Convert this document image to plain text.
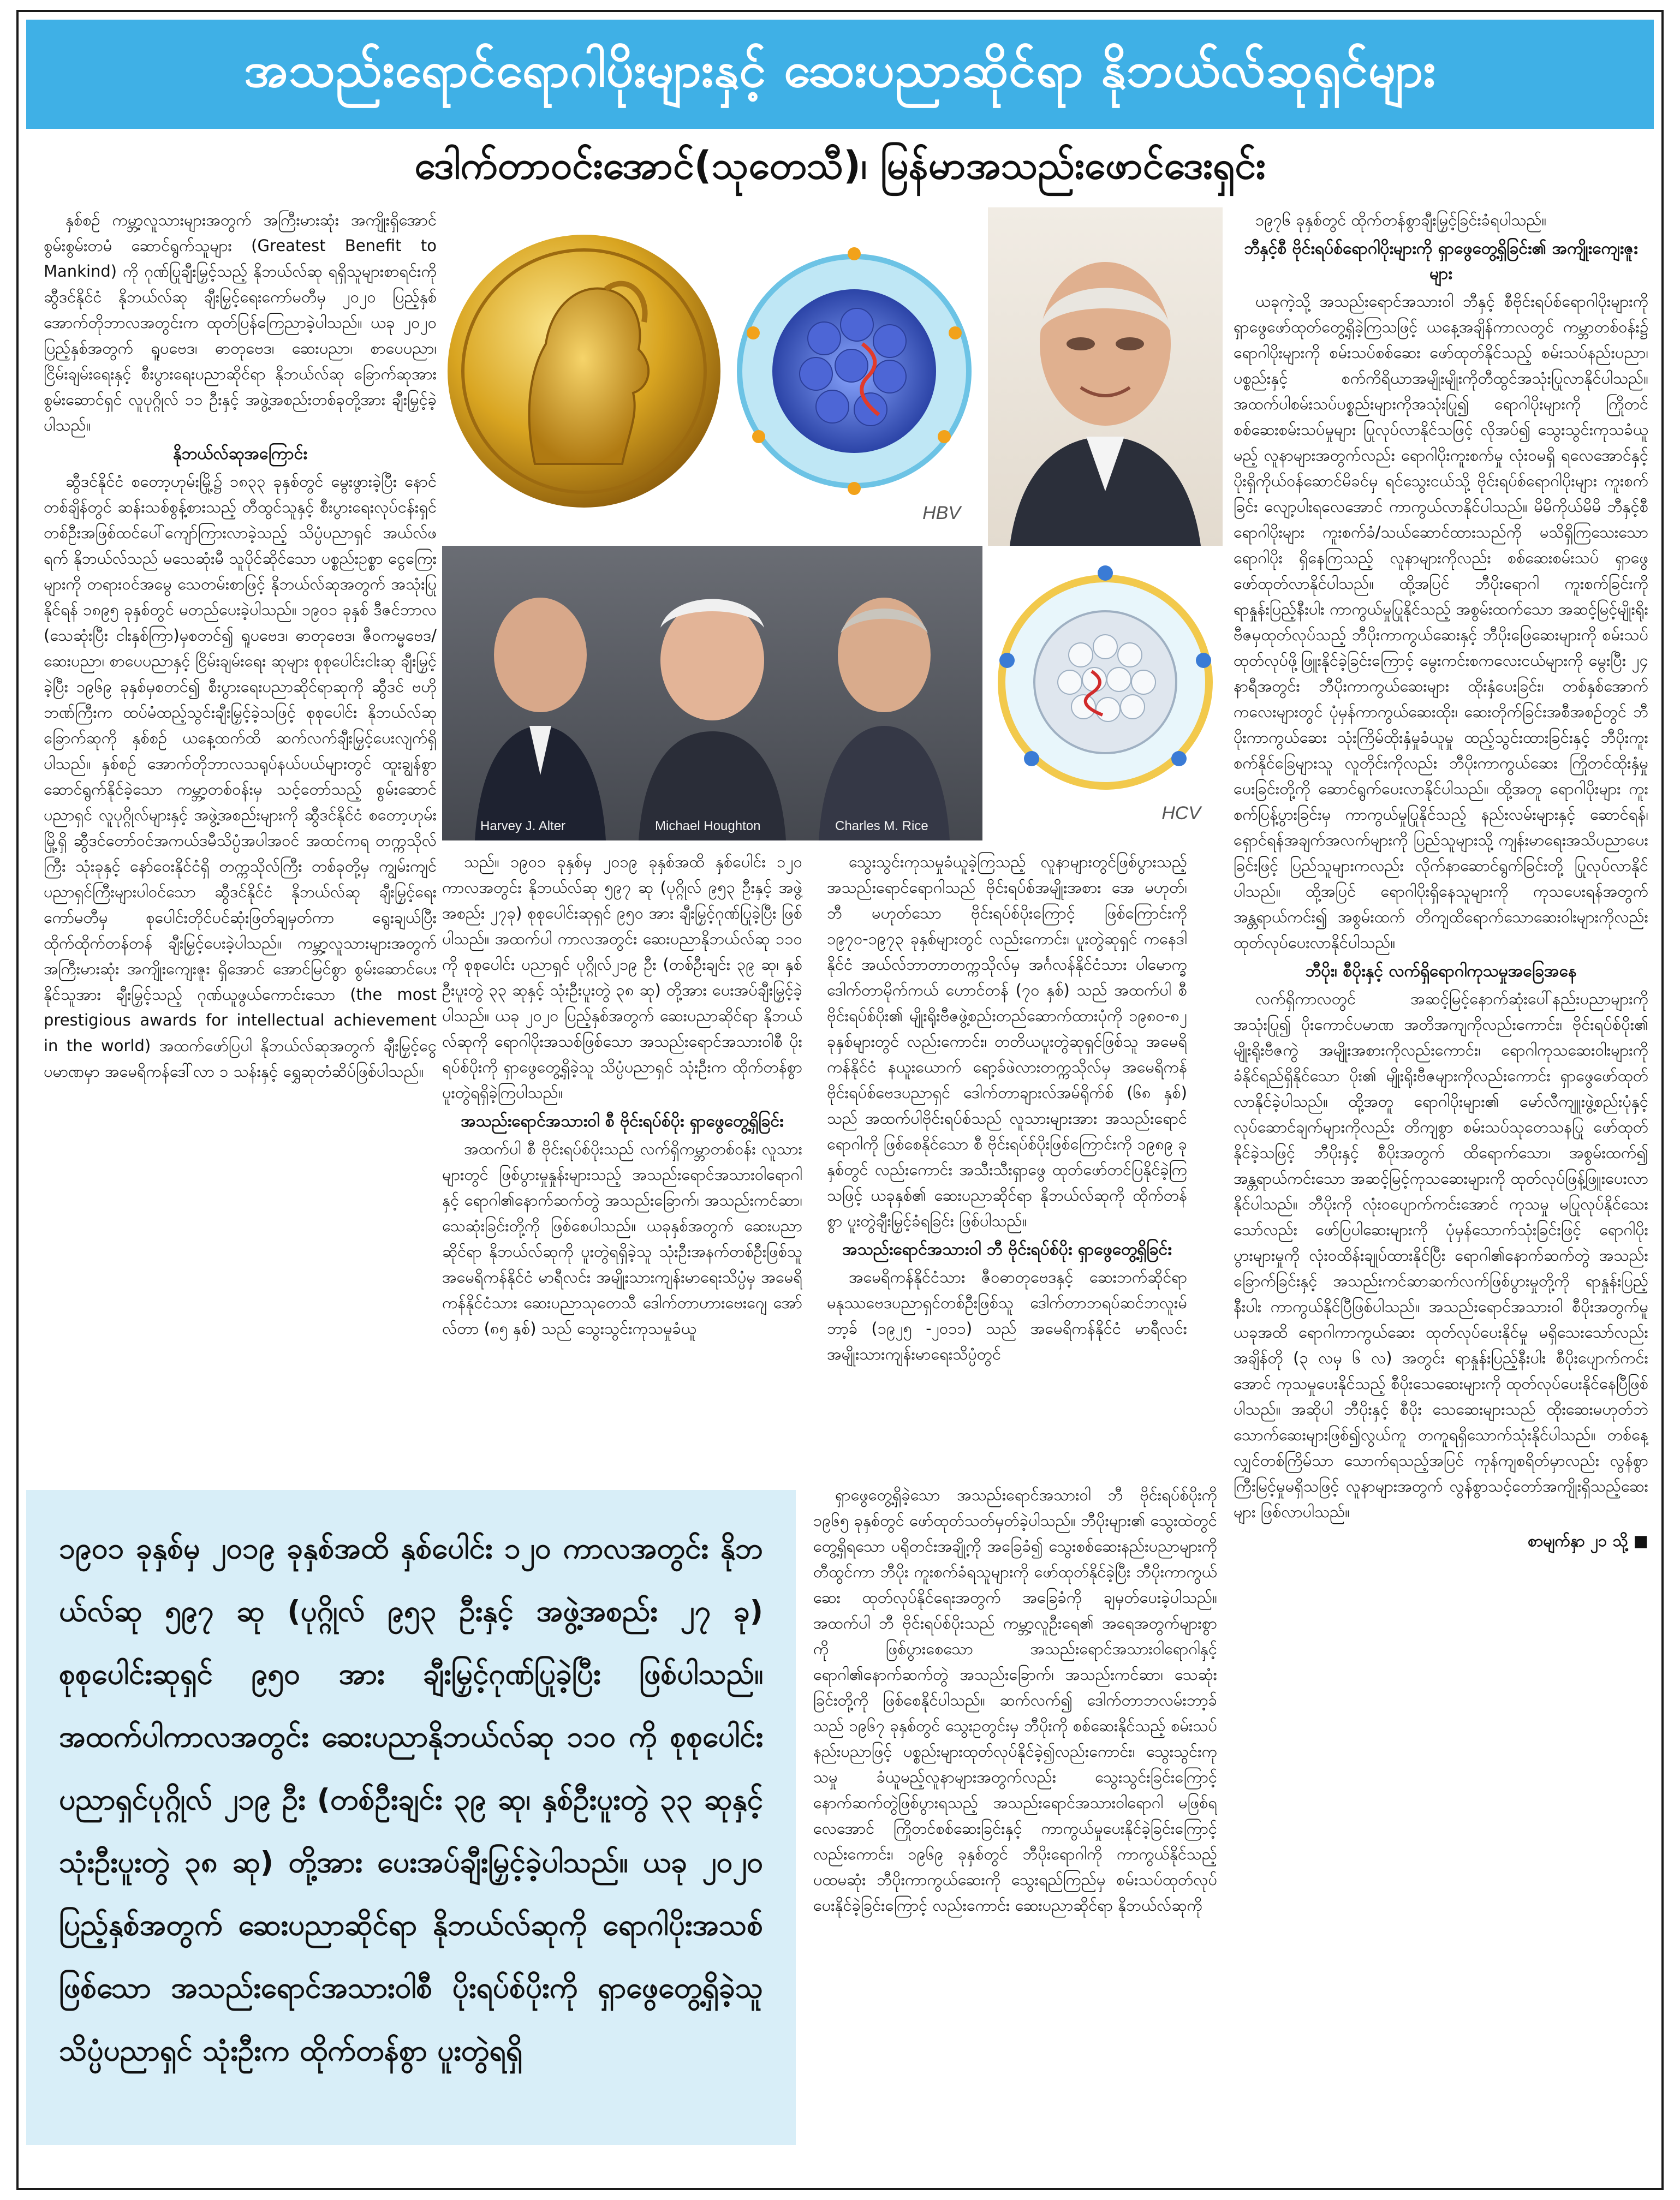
အသည်းရောင်ရောဂါပိုးများနှင့် ဆေးပညာဆိုင်ရာ နိုဘယ်လ်ဆုရှင်များ
ဒေါက်တာဝင်းအောင်(သုတေသီ)၊ မြန်မာအသည်းဖောင်ဒေးရှင်း

နှစ်စဉ် ကမ္ဘာ့လူသားများအတွက် အကြီးမားဆုံး အကျိုးရှိအောင် စွမ်းစွမ်းတမံ ဆောင်ရွက်သူများ (Greatest Benefit to Mankind) ကို ဂုဏ်ပြုချီးမြှင့်သည့် နိုဘယ်လ်ဆု ရရှိသူများစာရင်းကို ဆွီဒင်နိုင်ငံ နိုဘယ်လ်ဆု ချီးမြှင့်ရေးကော်မတီမှ ၂၀၂၀ ပြည့်နှစ် အောက်တိုဘာလအတွင်းက ထုတ်ပြန်ကြေညာခဲ့ပါသည်။ ယခု ၂၀၂၀ ပြည့်နှစ်အတွက် ရူပဗေဒ၊ ဓာတုဗေဒ၊ ဆေးပညာ၊ စာပေပညာ၊ ငြိမ်းချမ်းရေးနှင့် စီးပွားရေးပညာဆိုင်ရာ နိုဘယ်လ်ဆု ခြောက်ဆုအား စွမ်းဆောင်ရှင် လူပုဂ္ဂိုလ် ၁၁ ဦးနှင့် အဖွဲ့အစည်းတစ်ခုတို့အား ချီးမြှင့်ခဲ့ပါသည်။

နိုဘယ်လ်ဆုအကြောင်း

ဆွီဒင်နိုင်ငံ စတော့ဟုမ်းမြို့၌ ၁၈၃၃ ခုနှစ်တွင် မွေးဖွားခဲ့ပြီး နောင်တစ်ချိန်တွင် ဆန်းသစ်စွန့်စားသည့် တီထွင်သူနှင့် စီးပွားရေးလုပ်ငန်းရှင်တစ်ဦးအဖြစ်ထင်ပေါ်ကျော်ကြားလာခဲ့သည့် သိပ္ပံပညာရှင် အယ်လ်ဖရက် နိုဘယ်လ်သည် မသေဆုံးမီ သူပိုင်ဆိုင်သော ပစ္စည်းဥစ္စာ ငွေကြေးများကို တရားဝင်အမွေ သေတမ်းစာဖြင့် နိုဘယ်လ်ဆုအတွက် အသုံးပြုနိုင်ရန် ၁၈၉၅ ခုနှစ်တွင် မတည်ပေးခဲ့ပါသည်။ ၁၉၀၁ ခုနှစ် ဒီဇင်ဘာလ (သေဆုံးပြီး ငါးနှစ်ကြာ)မှစတင်၍ ရူပဗေဒ၊ ဓာတုဗေဒ၊ ဇီဝကမ္မဗေဒ/ဆေးပညာ၊ စာပေပညာနှင့် ငြိမ်းချမ်းရေး ဆုများ စုစုပေါင်းငါးဆု ချီးမြှင့်ခဲ့ပြီး ၁၉၆၉ ခုနှစ်မှစတင်၍ စီးပွားရေးပညာဆိုင်ရာဆုကို ဆွီဒင် ဗဟိုဘဏ်ကြီးက ထပ်မံထည့်သွင်းချီးမြှင့်ခဲ့သဖြင့် စုစုပေါင်း နိုဘယ်လ်ဆု ခြောက်ဆုကို နှစ်စဉ် ယနေ့ထက်ထိ ဆက်လက်ချီးမြှင့်ပေးလျက်ရှိပါသည်။ နှစ်စဉ် အောက်တိုဘာလသရုပ်နယ်ပယ်များတွင် ထူးချွန်စွာ ဆောင်ရွက်နိုင်ခဲ့သော ကမ္ဘာ့တစ်ဝန်းမှ သင့်တော်သည့် စွမ်းဆောင်ပညာရှင် လူပုဂ္ဂိုလ်များနှင့် အဖွဲ့အစည်းများကို ဆွီဒင်နိုင်ငံ စတော့ဟုမ်းမြို့ရှိ ဆွီဒင်တော်ဝင်အကယ်ဒမီသိပ္ပံအပါအဝင် အထင်ကရ တက္ကသိုလ်ကြီး သုံးခုနှင့် နော်ဝေးနိုင်ငံရှိ တက္ကသိုလ်ကြီး တစ်ခုတို့မှ ကျွမ်းကျင်ပညာရှင်ကြီးများပါဝင်သော ဆွီဒင်နိုင်ငံ နိုဘယ်လ်ဆု ချီးမြှင့်ရေးကော်မတီမှ စုပေါင်းတိုင်ပင်ဆုံးဖြတ်ချမှတ်ကာ ရွေးချယ်ပြီး ထိုက်ထိုက်တန်တန် ချီးမြှင့်ပေးခဲ့ပါသည်။ ကမ္ဘာ့လူသားများအတွက် အကြီးမားဆုံး အကျိုးကျေးဇူး ရှိအောင် အောင်မြင်စွာ စွမ်းဆောင်ပေးနိုင်သူအား ချီးမြှင့်သည့် ဂုဏ်ယူဖွယ်ကောင်းသော (the most prestigious awards for intellectual achievement in the world) အထက်ဖော်ပြပါ နိုဘယ်လ်ဆုအတွက် ချီးမြှင့်ငွေပမာဏမှာ အမေရိကန်ဒေါ်လာ ၁ သန်းနှင့် ရွှေဆုတံဆိပ်ဖြစ်ပါသည်။

HBV
Harvey J. Alter	Michael Houghton	Charles M. Rice
HCV

သည်။ ၁၉၀၁ ခုနှစ်မှ ၂၀၁၉ ခုနှစ်အထိ နှစ်ပေါင်း ၁၂၀ ကာလအတွင်း နိုဘယ်လ်ဆု ၅၉၇ ဆု (ပုဂ္ဂိုလ် ၉၅၃ ဦးနှင့် အဖွဲ့အစည်း ၂၇ခု) စုစုပေါင်းဆုရှင် ၉၅၀ အား ချီးမြှင့်ဂုဏ်ပြုခဲ့ပြီး ဖြစ်ပါသည်။ အထက်ပါ ကာလအတွင်း ဆေးပညာနိုဘယ်လ်ဆု ၁၁၀ ကို စုစုပေါင်း ပညာရှင် ပုဂ္ဂိုလ်၂၁၉ ဦး (တစ်ဦးချင်း ၃၉ ဆု၊ နှစ်ဦးပူးတွဲ ၃၃ ဆုနှင့် သုံးဦးပူးတွဲ ၃၈ ဆု) တို့အား ပေးအပ်ချီးမြှင့်ခဲ့ပါသည်။ ယခု ၂၀၂၀ ပြည့်နှစ်အတွက် ဆေးပညာဆိုင်ရာ နိုဘယ်လ်ဆုကို ရောဂါပိုးအသစ်ဖြစ်သော အသည်းရောင်အသားဝါစီ ပိုးရပ်စ်ပိုးကို ရှာဖွေတွေ့ရှိခဲ့သူ သိပ္ပံပညာရှင် သုံးဦးက ထိုက်တန်စွာ ပူးတွဲရရှိခဲ့ကြပါသည်။

အသည်းရောင်အသားဝါ စီ ဗိုင်းရပ်စ်ပိုး ရှာဖွေတွေ့ရှိခြင်း

အထက်ပါ စီ ဗိုင်းရပ်စ်ပိုးသည် လက်ရှိကမ္ဘာတစ်ဝန်း လူသားများတွင် ဖြစ်ပွားမှုနှုန်းများသည့် အသည်းရောင်အသားဝါရောဂါနှင့် ရောဂါ၏နောက်ဆက်တွဲ အသည်းခြောက်၊ အသည်းကင်ဆာ၊ သေဆုံးခြင်းတို့ကို ဖြစ်စေပါသည်။ ယခုနှစ်အတွက် ဆေးပညာဆိုင်ရာ နိုဘယ်လ်ဆုကို ပူးတွဲရရှိခဲ့သူ သုံးဦးအနက်တစ်ဦးဖြစ်သူ အမေရိကန်နိုင်ငံ မာရီလင်း အမျိုးသားကျန်းမာရေးသိပ္ပံမှ အမေရိကန်နိုင်ငံသား ဆေးပညာသုတေသီ ဒေါက်တာဟားဗေးဂျေ အော်လ်တာ (၈၅ နှစ်) သည် သွေးသွင်းကုသမှုခံယူ

သွေးသွင်းကုသမှုခံယူခဲ့ကြသည့် လူနာများတွင်ဖြစ်ပွားသည့် အသည်းရောင်ရောဂါသည် ဗိုင်းရပ်စ်အမျိုးအစား အေ မဟုတ်၊ ဘီ မဟုတ်သော ဗိုင်းရပ်စ်ပိုးကြောင့် ဖြစ်ကြောင်းကို ၁၉၇၀-၁၉၇၃ ခုနှစ်များတွင် လည်းကောင်း၊ ပူးတွဲဆုရှင် ကနေဒါနိုင်ငံ အယ်လ်ဘာတာတက္ကသိုလ်မှ အင်္ဂလန်နိုင်ငံသား ပါမောက္ခ ဒေါက်တာမိုက်ကယ် ဟောင်တန် (၇၀ နှစ်) သည် အထက်ပါ စီဗိုင်းရပ်စ်ပိုး၏ မျိုးရိုးဗီဇဖွဲ့စည်းတည်ဆောက်ထားပုံကို ၁၉၈၀-၈၂ ခုနှစ်များတွင် လည်းကောင်း၊ တတိယပူးတွဲဆုရှင်ဖြစ်သူ အမေရိကန်နိုင်ငံ နယူးယောက် ရော့ခ်ဖဲလားတက္ကသိုလ်မှ အမေရိကန် ဗိုင်းရပ်စ်ဗေဒပညာရှင် ဒေါက်တာချားလ်အမ်ရိုက်စ် (၆၈ နှစ်) သည် အထက်ပါဗိုင်းရပ်စ်သည် လူသားများအား အသည်းရောင်ရောဂါကို ဖြစ်စေနိုင်သော စီ ဗိုင်းရပ်စ်ပိုးဖြစ်ကြောင်းကို ၁၉၈၉ ခုနှစ်တွင် လည်းကောင်း အသီးသီးရှာဖွေ ထုတ်ဖော်တင်ပြနိုင်ခဲ့ကြသဖြင့် ယခုနှစ်၏ ဆေးပညာဆိုင်ရာ နိုဘယ်လ်ဆုကို ထိုက်တန်စွာ ပူးတွဲချီးမြှင့်ခံရခြင်း ဖြစ်ပါသည်။

အသည်းရောင်အသားဝါ ဘီ ဗိုင်းရပ်စ်ပိုး ရှာဖွေတွေ့ရှိခြင်း

အမေရိကန်နိုင်ငံသား ဇီဝဓာတုဗေဒနှင့် ဆေးဘက်ဆိုင်ရာ မနုဿဗေဒပညာရှင်တစ်ဦးဖြစ်သူ ဒေါက်တာဘရပ်ဆင်ဘလူးမ်ဘာ့ခ် (၁၉၂၅ -၂၀၁၁) သည် အမေရိကန်နိုင်ငံ မာရီလင်း အမျိုးသားကျန်းမာရေးသိပ္ပံတွင်

၁၉၇၆ ခုနှစ်တွင် ထိုက်တန်စွာချီးမြှင့်ခြင်းခံရပါသည်။

ဘီနှင့်စီ ဗိုင်းရပ်စ်ရောဂါပိုးများကို ရှာဖွေတွေ့ရှိခြင်း၏ အကျိုးကျေးဇူးများ

ယခုကဲ့သို့ အသည်းရောင်အသားဝါ ဘီနှင့် စီဗိုင်းရပ်စ်ရောဂါပိုးများကို ရှာဖွေဖော်ထုတ်တွေ့ရှိခဲ့ကြသဖြင့် ယနေ့အချိန်ကာလတွင် ကမ္ဘာတစ်ဝန်း၌ ရောဂါပိုးများကို စမ်းသပ်စစ်ဆေး ဖော်ထုတ်နိုင်သည့် စမ်းသပ်နည်းပညာ၊ ပစ္စည်းနှင့် စက်ကိရိယာအမျိုးမျိုးကိုတီထွင်အသုံးပြုလာနိုင်ပါသည်။ အထက်ပါစမ်းသပ်ပစ္စည်းများကိုအသုံးပြု၍ ရောဂါပိုးများကို ကြိုတင်စစ်ဆေးစမ်းသပ်မှုများ ပြုလုပ်လာနိုင်သဖြင့် လိုအပ်၍ သွေးသွင်းကုသခံယူမည့် လူနာများအတွက်လည်း ရောဂါပိုးကူးစက်မှု လုံးဝမရှိ ရလေအောင်နှင့် ပိုးရှိကိုယ်ဝန်ဆောင်မိခင်မှ ရင်သွေးငယ်သို့ ဗိုင်းရပ်စ်ရောဂါပိုးများ ကူးစက်ခြင်း လျော့ပါးရလေအောင် ကာကွယ်လာနိုင်ပါသည်။ မိမိကိုယ်မိမိ ဘီနှင့်စီ ရောဂါပိုးများ ကူးစက်ခံ/သယ်ဆောင်ထားသည်ကို မသိရှိကြသေးသော ရောဂါပိုး ရှိနေကြသည့် လူနာများကိုလည်း စစ်ဆေးစမ်းသပ် ရှာဖွေဖော်ထုတ်လာနိုင်ပါသည်။ ထို့အပြင် ဘီပိုးရောဂါ ကူးစက်ခြင်းကို ရာနှုန်းပြည့်နီးပါး ကာကွယ်မှုပြုနိုင်သည့် အစွမ်းထက်သော အဆင့်မြင့်မျိုးရိုးဗီဇမှထုတ်လုပ်သည့် ဘီပိုးကာကွယ်ဆေးနှင့် ဘီပိုးဖြေဆေးများကို စမ်းသပ်ထုတ်လုပ်ဖို့ဖြူးနိုင်ခဲ့ခြင်းကြောင့် မွေးကင်းစကလေးငယ်များကို မွေးပြီး ၂၄ နာရီအတွင်း ဘီပိုးကာကွယ်ဆေးများ ထိုးနှံပေးခြင်း၊ တစ်နှစ်အောက်ကလေးများတွင် ပုံမှန်ကာကွယ်ဆေးထိုး၊ ဆေးတိုက်ခြင်းအစီအစဉ်တွင် ဘီပိုးကာကွယ်ဆေး သုံးကြိမ်ထိုးနှံမှုခံယူမှု ထည့်သွင်းထားခြင်းနှင့် ဘီပိုးကူးစက်နိုင်ခြေများသူ လူတိုင်းကိုလည်း ဘီပိုးကာကွယ်ဆေး ကြိုတင်ထိုးနှံမှုပေးခြင်းတို့ကို ဆောင်ရွက်ပေးလာနိုင်ပါသည်။ ထို့အတူ ရောဂါပိုးများ ကူးစက်ပြန့်ပွားခြင်းမှ ကာကွယ်မှုပြုနိုင်သည့် နည်းလမ်းများနှင့် ဆောင်ရန်၊ ရှောင်ရန်အချက်အလက်များကို ပြည်သူများသို့ ကျန်းမာရေးအသိပညာပေးခြင်းဖြင့် ပြည်သူများကလည်း လိုက်နာဆောင်ရွက်ခြင်းတို့ ပြုလုပ်လာနိုင်ပါသည်။ ထို့အပြင် ရောဂါပိုးရှိနေသူများကို ကုသပေးရန်အတွက် အန္တရာယ်ကင်း၍ အစွမ်းထက် တိကျထိရောက်သောဆေးဝါးများကိုလည်းထုတ်လုပ်ပေးလာနိုင်ပါသည်။

ဘီပိုး၊ စီပိုးနှင့် လက်ရှိရောဂါကုသမှုအခြေအနေ

လက်ရှိကာလတွင် အဆင့်မြင့်နောက်ဆုံးပေါ်နည်းပညာများကို အသုံးပြု၍ ပိုးကောင်ပမာဏ အတိအကျကိုလည်းကောင်း၊ ဗိုင်းရပ်စ်ပိုး၏ မျိုးရိုးဗီဇကွဲ အမျိုးအစားကိုလည်းကောင်း၊ ရောဂါကုသဆေးဝါးများကို ခံနိုင်ရည်ရှိနိုင်သော ပိုး၏ မျိုးရိုးဗီဇများကိုလည်းကောင်း ရှာဖွေဖော်ထုတ်လာနိုင်ခဲ့ပါသည်။ ထို့အတူ ရောဂါပိုးများ၏ မော်လီကျူးဖွဲ့စည်းပုံနှင့် လုပ်ဆောင်ချက်များကိုလည်း တိကျစွာ စမ်းသပ်သုတေသနပြု ဖော်ထုတ်နိုင်ခဲ့သဖြင့် ဘီပိုးနှင့် စီပိုးအတွက် ထိရောက်သော၊ အစွမ်းထက်၍ အန္တရာယ်ကင်းသော အဆင့်မြင့်ကုသဆေးများကို ထုတ်လုပ်ဖြန့်ဖြူးပေးလာနိုင်ပါသည်။ ဘီပိုးကို လုံးဝပျောက်ကင်းအောင် ကုသမှု မပြုလုပ်နိုင်သေးသော်လည်း ဖော်ပြပါဆေးများကို ပုံမှန်သောက်သုံးခြင်းဖြင့် ရောဂါပိုး ပွားများမှုကို လုံးဝထိန်းချုပ်ထားနိုင်ပြီး ရောဂါ၏နောက်ဆက်တွဲ အသည်းခြောက်ခြင်းနှင့် အသည်းကင်ဆာဆက်လက်ဖြစ်ပွားမှုတို့ကို ရာနှုန်းပြည့်နီးပါး ကာကွယ်နိုင်ပြီဖြစ်ပါသည်။ အသည်းရောင်အသားဝါ စီပိုးအတွက်မူ ယခုအထိ ရောဂါကာကွယ်ဆေး ထုတ်လုပ်ပေးနိုင်မှု မရှိသေးသော်လည်း အချိန်တို (၃ လမှ ၆ လ) အတွင်း ရာနှုန်းပြည့်နီးပါး စီပိုးပျောက်ကင်းအောင် ကုသမှုပေးနိုင်သည့် စီပိုးသေဆေးများကို ထုတ်လုပ်ပေးနိုင်နေပြီဖြစ်ပါသည်။ အဆိုပါ ဘီပိုးနှင့် စီပိုး သေဆေးများသည် ထိုးဆေးမဟုတ်ဘဲ သောက်ဆေးများဖြစ်၍လွယ်ကူ တကူရရှိသောက်သုံးနိုင်ပါသည်။ တစ်နေ့လျှင်တစ်ကြိမ်သာ သောက်ရသည့်အပြင် ကုန်ကျစရိတ်မှာလည်း လွန်စွာကြီးမြင့်မှုမရှိသဖြင့် လူနာများအတွက် လွန်စွာသင့်တော်အကျိုးရှိသည့်ဆေးများ ဖြစ်လာပါသည်။

စာမျက်နှာ ၂၁ သို့ ■

၁၉၀၁ ခုနှစ်မှ ၂၀၁၉ ခုနှစ်အထိ နှစ်ပေါင်း ၁၂၀ ကာလအတွင်း နိုဘယ်လ်ဆု ၅၉၇ ဆု (ပုဂ္ဂိုလ် ၉၅၃ ဦးနှင့် အဖွဲ့အစည်း ၂၇ ခု) စုစုပေါင်းဆုရှင် ၉၅၀ အား ချီးမြှင့်ဂုဏ်ပြုခဲ့ပြီး ဖြစ်ပါသည်။ အထက်ပါကာလအတွင်း ဆေးပညာနိုဘယ်လ်ဆု ၁၁၀ ကို စုစုပေါင်း ပညာရှင်ပုဂ္ဂိုလ် ၂၁၉ ဦး (တစ်ဦးချင်း ၃၉ ဆု၊ နှစ်ဦးပူးတွဲ ၃၃ ဆုနှင့် သုံးဦးပူးတွဲ ၃၈ ဆု) တို့အား ပေးအပ်ချီးမြှင့်ခဲ့ပါသည်။ ယခု ၂၀၂၀ ပြည့်နှစ်အတွက် ဆေးပညာဆိုင်ရာ နိုဘယ်လ်ဆုကို ရောဂါပိုးအသစ်ဖြစ်သော အသည်းရောင်အသားဝါစီ ပိုးရပ်စ်ပိုးကို ရှာဖွေတွေ့ရှိခဲ့သူ သိပ္ပံပညာရှင် သုံးဦးက ထိုက်တန်စွာ ပူးတွဲရရှိ

ရှာဖွေတွေ့ရှိခဲ့သော အသည်းရောင်အသားဝါ ဘီ ဗိုင်းရပ်စ်ပိုးကို ၁၉၆၅ ခုနှစ်တွင် ဖော်ထုတ်သတ်မှတ်ခဲ့ပါသည်။ ဘီပိုးများ၏ သွေးထဲတွင် တွေ့ရှိရသော ပရိုတင်းအချို့ကို အခြေခံ၍ သွေးစစ်ဆေးနည်းပညာများကို တီထွင်ကာ ဘီပိုး ကူးစက်ခံရသူများကို ဖော်ထုတ်နိုင်ခဲ့ပြီး ဘီပိုးကာကွယ်ဆေး ထုတ်လုပ်နိုင်ရေးအတွက် အခြေခံကို ချမှတ်ပေးခဲ့ပါသည်။ အထက်ပါ ဘီ ဗိုင်းရပ်စ်ပိုးသည် ကမ္ဘာ့လူဦးရေ၏ အရေအတွက်များစွာကို ဖြစ်ပွားစေသော အသည်းရောင်အသားဝါရောဂါနှင့် ရောဂါ၏နောက်ဆက်တွဲ အသည်းခြောက်၊ အသည်းကင်ဆာ၊ သေဆုံးခြင်းတို့ကို ဖြစ်စေနိုင်ပါသည်။ ဆက်လက်၍ ဒေါက်တာဘလမ်းဘာ့ခ်သည် ၁၉၆၇ ခုနှစ်တွင် သွေးဥတွင်းမှ ဘီပိုးကို စစ်ဆေးနိုင်သည့် စမ်းသပ်နည်းပညာဖြင့် ပစ္စည်းများထုတ်လုပ်နိုင်ခဲ့၍လည်းကောင်း၊ သွေးသွင်းကုသမှု ခံယူမည့်လူနာများအတွက်လည်း သွေးသွင်းခြင်းကြောင့် နောက်ဆက်တွဲဖြစ်ပွားရသည့် အသည်းရောင်အသားဝါရောဂါ မဖြစ်ရလေအောင် ကြိုတင်စစ်ဆေးခြင်းနှင့် ကာကွယ်မှုပေးနိုင်ခဲ့ခြင်းကြောင့်လည်းကောင်း၊ ၁၉၆၉ ခုနှစ်တွင် ဘီပိုးရောဂါကို ကာကွယ်နိုင်သည့် ပထမဆုံး ဘီပိုးကာကွယ်ဆေးကို သွေးရည်ကြည်မှ စမ်းသပ်ထုတ်လုပ်ပေးနိုင်ခဲ့ခြင်းကြောင့် လည်းကောင်း ဆေးပညာဆိုင်ရာ နိုဘယ်လ်ဆုကို
